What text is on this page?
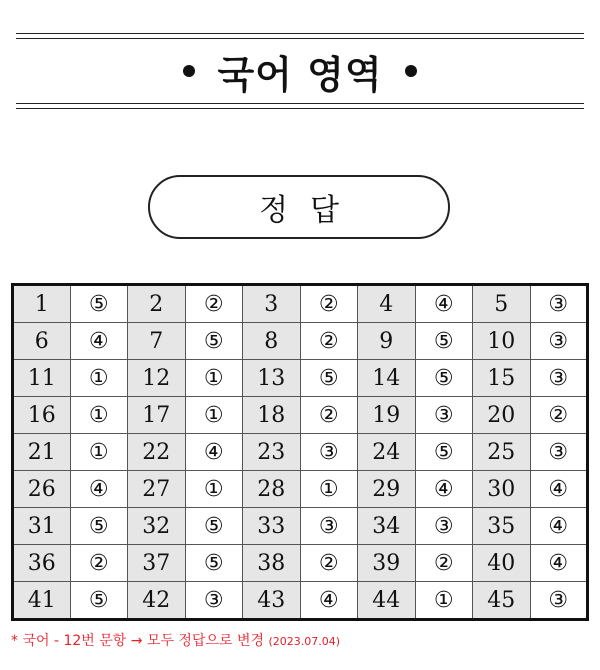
국어 영역
정답
1	⑤	2	②	3	②	4	④	5	③
6	④	7	⑤	8	②	9	⑤	10	③
11	①	12	①	13	⑤	14	⑤	15	③
16	①	17	①	18	②	19	③	20	②
21	①	22	④	23	③	24	⑤	25	③
26	④	27	①	28	①	29	④	30	④
31	⑤	32	⑤	33	③	34	③	35	④
36	②	37	⑤	38	②	39	②	40	④
41	⑤	42	③	43	④	44	①	45	③
* 국어 - 12번 문항 → 모두 정답으로 변경 (2023.07.04)
